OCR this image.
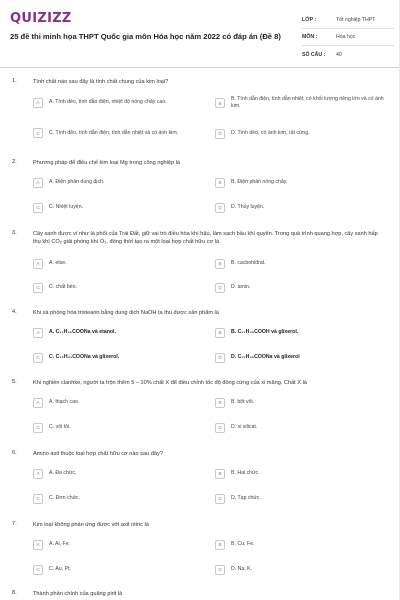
QUIZIZZ
25 đề thi minh họa THPT Quốc gia môn Hóa học năm 2022 có đáp án (Đề 8)
LỚP :	Tốt nghiệp THPT
MÔN :	Hóa học
SỐ CÂU :	40
1.	Tính chất nào sau đây là tính chất chung của kim loại?
A	A. Tính dẻo, tính dẫn điện, nhiệt độ nóng chảy cao.	B
B. Tính dẫn điện, tính dẫn nhiệt, có khối lượng riêng lớn và có ánh kim.
C	C. Tính dẻo, tính dẫn điện, tính dẫn nhiệt và có ánh kim.	D	D. Tính dẻo, có ánh kim, rất cứng.
2.	Phương pháp để điều chế kim loại Mg trong công nghiệp là
A	A. Điện phân dung dịch.	B	B. Điện phân nóng chảy.
C	C. Nhiệt luyện.	D	D. Thủy luyện.
3.	Cây xanh được ví như lá phổi của Trái Đất, giữ vai trò điều hòa khí hậu, làm sạch bầu khí quyển. Trong quá trình quang hợp, cây xanh hấp thụ khí CO₂ giải phóng khí O₂, đồng thời tạo ra một loại hợp chất hữu cơ là
A	A. etse.	B	B. cacbohiđrat.
C	C. chất béo.	D	D. amin.
4.	Khi xà phòng hóa tristearin bằng dung dịch NaOH ta thu được sản phẩm là
A	A. C₁₇H₃₅COONa và etanol.	B	B. C₁₇H₃₅COOH và glixerol.
C	C. C₁₅H₃₁COONa và glixerol.	D	D. C₁₇H₃₅COONa và glixerol
5.	Khi nghiền clanhke, người ta trộn thêm 5 – 10% chất X để điều chỉnh tốc độ đông cứng của xi măng. Chất X là
A	A. thạch cao.	B	B. bột vôi.
C	C. vôi tôi.	D	D. xi silicat.
6.	Amino axit thuộc loại hợp chất hữu cơ nào sau đây?
A	A. Đa chức.	B	B. Hai chức.
C	C. Đơn chức.	D	D. Tạp chức.
7.	Kim loại không phản ứng được với axit nitric là
A	A. Al, Fe.	B	B. Cu, Fe.
C	C. Au, Pt.	D	D. Na, K.
8.	Thành phần chính của quặng pirit là
